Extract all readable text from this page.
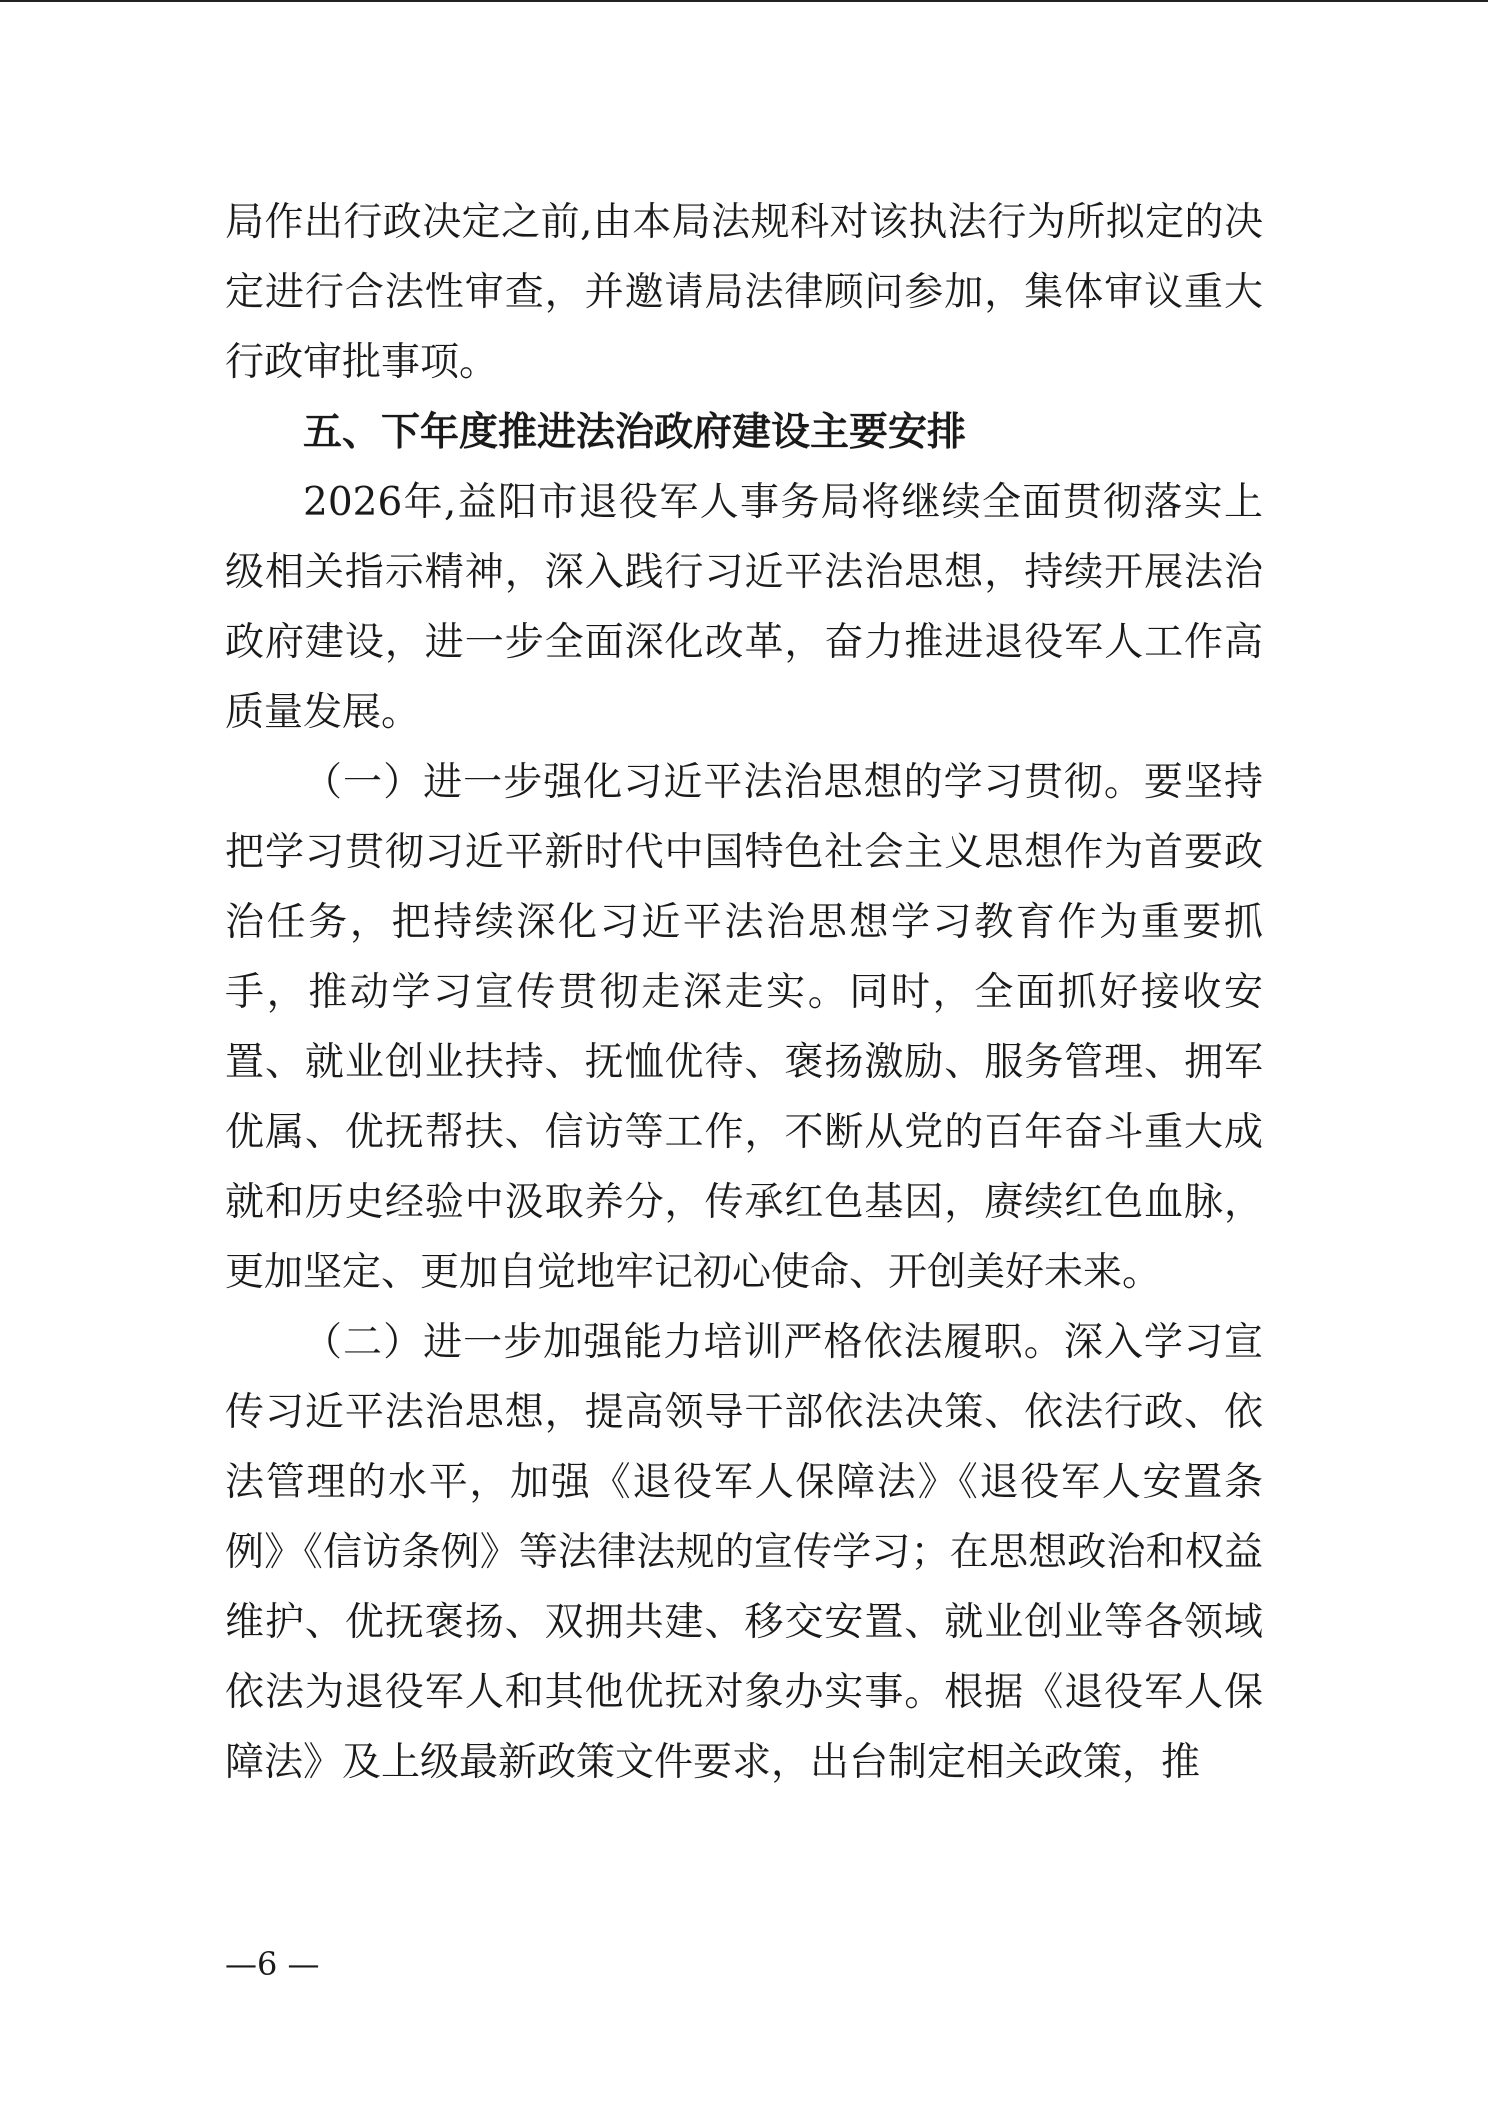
局作出行政决定之前,由本局法规科对该执法行为所拟定的决定进行合法性审查，并邀请局法律顾问参加，集体审议重大行政审批事项。

五、下年度推进法治政府建设主要安排

2026年,益阳市退役军人事务局将继续全面贯彻落实上级相关指示精神，深入践行习近平法治思想，持续开展法治政府建设，进一步全面深化改革，奋力推进退役军人工作高质量发展。

（一）进一步强化习近平法治思想的学习贯彻。要坚持把学习贯彻习近平新时代中国特色社会主义思想作为首要政治任务，把持续深化习近平法治思想学习教育作为重要抓手，推动学习宣传贯彻走深走实。同时，全面抓好接收安置、就业创业扶持、抚恤优待、褒扬激励、服务管理、拥军优属、优抚帮扶、信访等工作，不断从党的百年奋斗重大成就和历史经验中汲取养分，传承红色基因，赓续红色血脉，更加坚定、更加自觉地牢记初心使命、开创美好未来。

（二）进一步加强能力培训严格依法履职。深入学习宣传习近平法治思想，提高领导干部依法决策、依法行政、依法管理的水平，加强《退役军人保障法》《退役军人安置条例》《信访条例》等法律法规的宣传学习；在思想政治和权益维护、优抚褒扬、双拥共建、移交安置、就业创业等各领域依法为退役军人和其他优抚对象办实事。根据《退役军人保障法》及上级最新政策文件要求，出台制定相关政策，推

—6 —
